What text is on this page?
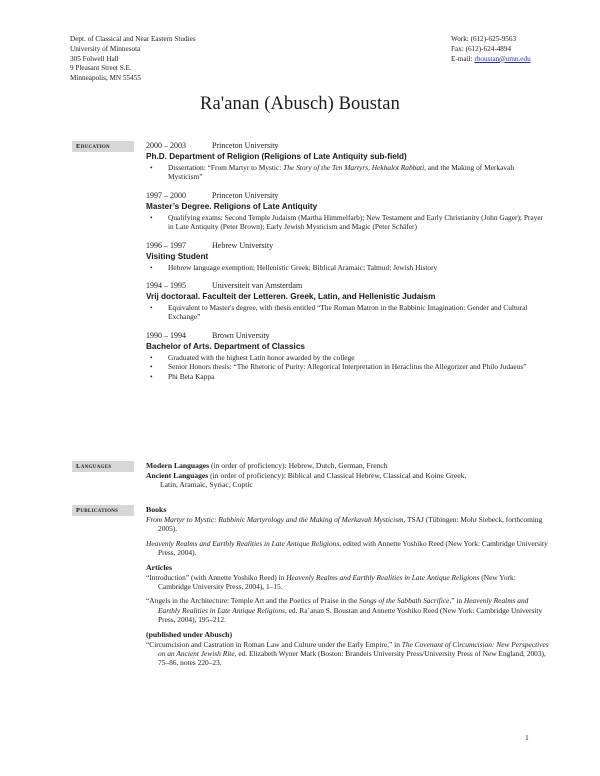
Dept. of Classical and Near Eastern Studies
University of Minnesota
305 Folwell Hall
9 Pleasant Street S.E.
Minneapolis, MN 55455
Work: (612)-625-9563
Fax: (612)-624-4894
E-mail: rboustan@umn.edu
Ra'anan (Abusch) Boustan
Education	2000 – 2003	Princeton University
Ph.D. Department of Religion (Religions of Late Antiquity sub-field)
• Dissertation: “From Martyr to Mystic: The Story of the Ten Martyrs, Hekhalot Rabbati, and the Making of Merkavah Mysticism”
1997 – 2000	Princeton University
Master’s Degree. Religions of Late Antiquity
• Qualifying exams: Second Temple Judaism (Martha Himmelfarb); New Testament and Early Christianity (John Gager); Prayer in Late Antiquity (Peter Brown); Early Jewish Mysticism and Magic (Peter Schäfer)
1996 – 1997	Hebrew University
Visiting Student
• Hebrew language exemption; Hellenistic Greek; Biblical Aramaic; Talmud; Jewish History
1994 – 1995	Universiteit van Amsterdam
Vrij doctoraal. Faculteit der Letteren. Greek, Latin, and Hellenistic Judaism
• Equivalent to Master's degree, with thesis entitled “The Roman Matron in the Rabbinic Imagination: Gender and Cultural Exchange”
1990 – 1994	Brown University
Bachelor of Arts. Department of Classics
• Graduated with the highest Latin honor awarded by the college
• Senior Honors thesis: “The Rhetoric of Purity: Allegorical Interpretation in Heraclitus the Allegorizer and Philo Judaeus”
• Phi Beta Kappa
Languages	Modern Languages (in order of proficiency): Hebrew, Dutch, German, French
Ancient Languages (in order of proficiency): Biblical and Classical Hebrew, Classical and Koine Greek,
Latin, Aramaic, Syriac, Coptic
Publications	Books
From Martyr to Mystic: Rabbinic Martyrology and the Making of Merkavah Mysticism, TSAJ (Tübingen: Mohr Siebeck, forthcoming 2005).
Heavenly Realms and Earthly Realities in Late Antique Religions, edited with Annette Yoshiko Reed (New York: Cambridge University Press, 2004).
Articles
“Introduction” (with Annette Yoshiko Reed) in Heavenly Realms and Earthly Realities in Late Antique Religions (New York: Cambridge University Press, 2004), 1–15.
“Angels in the Architecture: Temple Art and the Poetics of Praise in the Songs of the Sabbath Sacrifice,” in Heavenly Realms and Earthly Realities in Late Antique Religions, ed. Ra’anan S. Boustan and Annette Yoshiko Reed (New York: Cambridge University Press, 2004), 195–212.
(published under Abusch)
“Circumcision and Castration in Roman Law and Culture under the Early Empire,” in The Covenant of Circumcision: New Perspectives on an Ancient Jewish Rite, ed. Elizabeth Wyner Mark (Boston: Brandeis University Press/University Press of New England, 2003), 75–86, notes 220–23.
1
